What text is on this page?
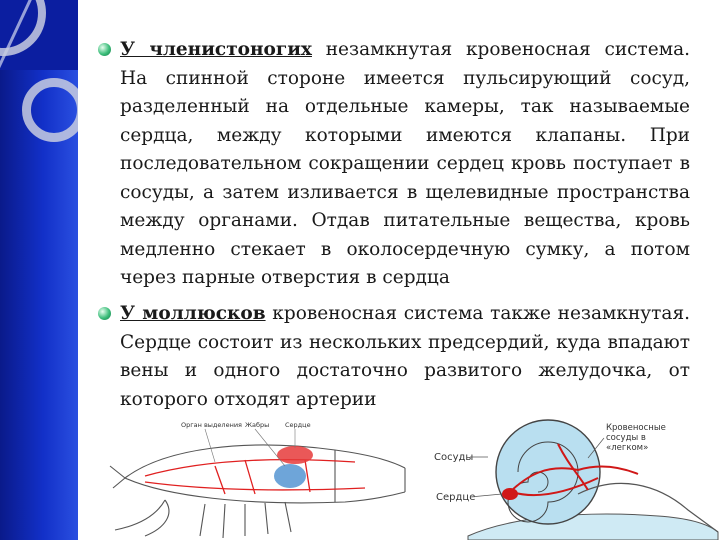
У членистоногих незамкнутая кровеносная система. На спинной стороне имеется пульсирующий сосуд, разделенный на отдельные камеры, так называемые сердца, между которыми имеются клапаны. При последовательном сокращении сердец кровь поступает в сосуды, а затем изливается в щелевидные пространства между органами. Отдав питательные вещества, кровь медленно стекает в околосердечную сумку, а потом через парные отверстия в сердца

У моллюсков кровеносная система также незамкнутая. Сердце состоит из нескольких предсердий, куда впадают вены и одного достаточно развитого желудочка, от которого отходят артерии

Орган выделения Жабры Сердце
Сосуды
Сердце
Кровеносные сосуды в «легком»
